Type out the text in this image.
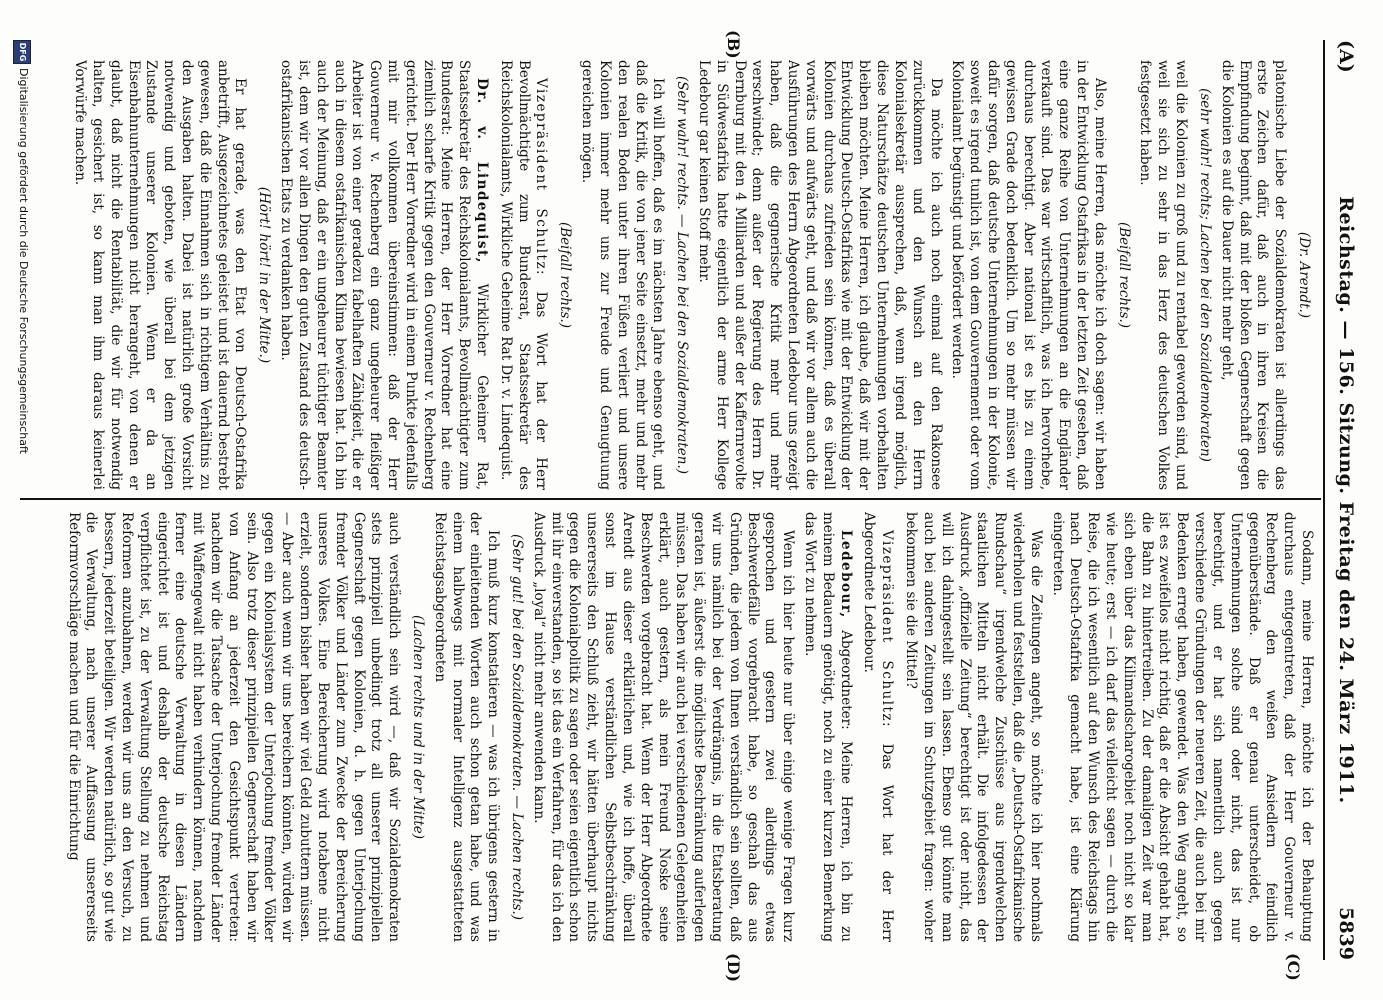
(A)
Reichstag. — 156. Sitzung. Freitag den 24. März 1911.
5839
(B)
(C)
(D)
(Dr. Arendt.)

platonische Liebe der Sozialdemokraten ist allerdings das erste Zeichen dafür, daß auch in ihren Kreisen die Empfindung beginnt, daß mit der bloßen Gegnerschaft gegen die Kolonien es auf die Dauer nicht mehr geht,

(sehr wahr! rechts; Lachen bei den Sozialdemokraten)

weil die Kolonien zu groß und zu rentabel geworden sind, und weil sie sich zu sehr in das Herz des deutschen Volkes festgesetzt haben.

(Beifall rechts.)

Also, meine Herren, das möchte ich doch sagen: wir haben in der Entwicklung Ostafrikas in der letzten Zeit gesehen, daß eine ganze Reihe von Unternehmungen an die Engländer verkauft sind. Das war wirtschaftlich, was ich hervorhebe, durchaus berechtigt. Aber national ist es bis zu einem gewissen Grade doch bedenklich. Um so mehr müssen wir dafür sorgen, daß deutsche Unternehmungen in der Kolonie, soweit es irgend tunlich ist, von dem Gouvernement oder vom Kolonialamt begünstigt und befördert werden.

Da möchte ich auch noch einmal auf den Rakonsee zurückkommen und den Wunsch an den Herrn Kolonialsekretär aussprechen, daß, wenn irgend möglich, diese Naturschätze deutschen Unternehmungen vorbehalten bleiben möchten. Meine Herren, ich glaube, daß wir mit der Entwicklung Deutsch-Ostafrikas wie mit der Entwicklung der Kolonien durchaus zufrieden sein können, daß es überall vorwärts und aufwärts geht, und daß wir vor allem auch die Ausführungen des Herrn Abgeordneten Ledebour uns gezeigt haben, daß die gegnerische Kritik mehr und mehr verschwindet; denn außer der Regierung des Herrn Dr. Dernburg mit den 4 Milliarden und außer der Kaffernrevolte in Südwestafrika hatte eigentlich der arme Herr Kollege Ledebour gar keinen Stoff mehr.

(Sehr wahr! rechts. — Lachen bei den Sozialdemokraten.)

Ich will hoffen, daß es im nächsten Jahre ebenso geht, und daß die Kritik, die von jener Seite einsetzt, mehr und mehr den realen Boden unter ihren Füßen verliert und unsere Kolonien immer mehr uns zur Freude und Genugtuung gereichen mögen.

(Beifall rechts.)
Vizepräsident Schultz: Das Wort hat der Herr Bevollmächtigte zum Bundesrat, Staatssekretär des Reichskolonialamts, Wirkliche Geheime Rat Dr. v. Lindequist.
Dr. v. Lindequist, Wirklicher Geheimer Rat, Staatssekretär des Reichskolonialamts, Bevollmächtigter zum Bundesrat: Meine Herren, der Herr Vorredner hat eine ziemlich scharfe Kritik gegen den Gouverneur v. Rechenberg gerichtet. Der Herr Vorredner wird in einem Punkte jedenfalls mit mir vollkommen übereinstimmen: daß der Herr Gouverneur v. Rechenberg ein ganz ungeheurer fleißiger Arbeiter ist von einer geradezu fabelhaften Zähigkeit, die er auch in diesem ostafrikanischen Klima bewiesen hat. Ich bin auch der Meinung, daß er ein ungeheurer tüchtiger Beamter ist, dem wir vor allen Dingen den guten Zustand des deutsch-ostafrikanischen Etats zu verdanken haben.
(Hört! hört! in der Mitte.)

Er hat gerade, was den Etat von Deutsch-Ostafrika anbetrifft, Ausgezeichnetes geleistet und ist dauernd bestrebt gewesen, daß die Einnahmen sich in richtigem Verhältnis zu den Ausgaben halten. Dabei ist natürlich große Vorsicht notwendig und geboten, wie überall bei dem jetzigen Zustande unserer Kolonien. Wenn er da an Eisenbahnunternehmungen nicht herangeht, von denen er glaubt, daß nicht die Rentabilität, die wir für notwendig halten, gesichert ist, so kann man ihm daraus keinerlei Vorwürfe machen.

Sodann, meine Herren, möchte ich der Behauptung durchaus entgegentreten, daß der Herr Gouverneur v. Rechenberg den weißen Ansiedlern feindlich gegenüberstände. Daß er genau unterscheidet, ob Unternehmungen solche sind oder nicht, das ist nur berechtigt, und er hat sich namentlich auch gegen verschiedene Gründungen der neueren Zeit, die auch bei mir Bedenken erregt haben, gewendet. Was den Weg angeht, so ist es zweifellos nicht richtig, daß er die Absicht gehabt hat, die Bahn zu hintertreiben. Zu der damaligen Zeit war man sich eben über das Kilimandscharogebiet noch nicht so klar wie heute; erst — ich darf das vielleicht sagen — durch die Reise, die ich wesentlich auf den Wunsch des Reichstags hin nach Deutsch-Ostafrika gemacht habe, ist eine Klärung eingetreten.

Was die Zeitungen angeht, so möchte ich hier nochmals wiederholen und feststellen, daß die „Deutsch-Ostafrikanische Rundschau“ irgendwelche Zuschüsse aus irgendwelchen staatlichen Mitteln nicht erhält. Die infolgedessen der Ausdruck „offizielle Zeitung“ berechtigt ist oder nicht, das will ich dahingestellt sein lassen. Ebenso gut könnte man auch bei anderen Zeitungen im Schutzgebiet fragen: woher bekommen sie die Mittel?

Vizepräsident Schultz: Das Wort hat der Herr Abgeordnete Ledebour.
Ledebour, Abgeordneter: Meine Herren, ich bin zu meinem Bedauern genötigt, noch zu einer kurzen Bemerkung das Wort zu nehmen.

Wenn ich hier heute nur über einige wenige Fragen kurz gesprochen und gestern zwei allerdings etwas Beschwerdefälle vorgebracht habe, so geschah das aus Gründen, die jedem von Ihnen verständlich sein sollten, daß wir uns nämlich bei der Verdrängnis, in die Etatsberatung geraten ist, äußerst die möglichste Beschränkung auferlegen müssen. Das haben wir auch bei verschiedenen Gelegenheiten erklärt, auch gestern, als mein Freund Noske seine Beschwerden vorgebracht hat. Wenn der Herr Abgeordnete Arendt aus dieser erklärlichen und, wie ich hoffe, überall sonst im Hause verständlichen Selbstbeschränkung unsererseits den Schluß zieht, wir hätten überhaupt nichts gegen die Kolonialpolitik zu sagen oder seien eigentlich schon mit ihr einverstanden, so ist das ein Verfahren, für das ich den Ausdruck „loyal“ nicht mehr anwenden kann.

(Sehr gut! bei den Sozialdemokraten. — Lachen rechts.)

Ich muß kurz konstatieren — was ich übrigens gestern in der einleitenden Worten auch schon getan habe, und was einem halbwegs mit normaler Intelligenz ausgestatteten Reichstagsabgeordneten

(Lachen rechts und in der Mitte)

auch verständlich sein wird —, daß wir Sozialdemokraten stets prinzipiell unbedingt trotz all unserer prinzipiellen Gegnerschaft gegen Kolonien, d. h. gegen Unterjochung fremder Völker und Länder zum Zwecke der Bereicherung unseres Volkes. Eine Bereicherung wird notabene nicht erzielt, sondern bisher haben wir viel Geld zubuttern müssen. — Aber auch wenn wir uns bereichern könnten, würden wir gegen ein Kolonialsystem der Unterjochung fremder Völker sein. Also trotz dieser prinzipiellen Gegnerschaft haben wir von Anfang an jederzeit den Gesichtspunkt vertreten: nachdem wir die Tatsache der Unterjochung fremder Länder mit Waffengewalt nicht haben verhindern können, nachdem ferner eine deutsche Verwaltung in diesen Ländern eingerichtet ist und deshalb der deutsche Reichstag verpflichtet ist, zu der Verwaltung Stellung zu nehmen und Reformen anzubahnen, werden wir uns an den Versuch, zu bessern, jederzeit beteiligen. Wir werden natürlich, so gut wie die Verwaltung, nach unserer Auffassung unsererseits Reformvorschläge machen und für die Einrichtung

DFG
Digitalisierung gefördert durch die Deutsche Forschungsgemeinschaft
